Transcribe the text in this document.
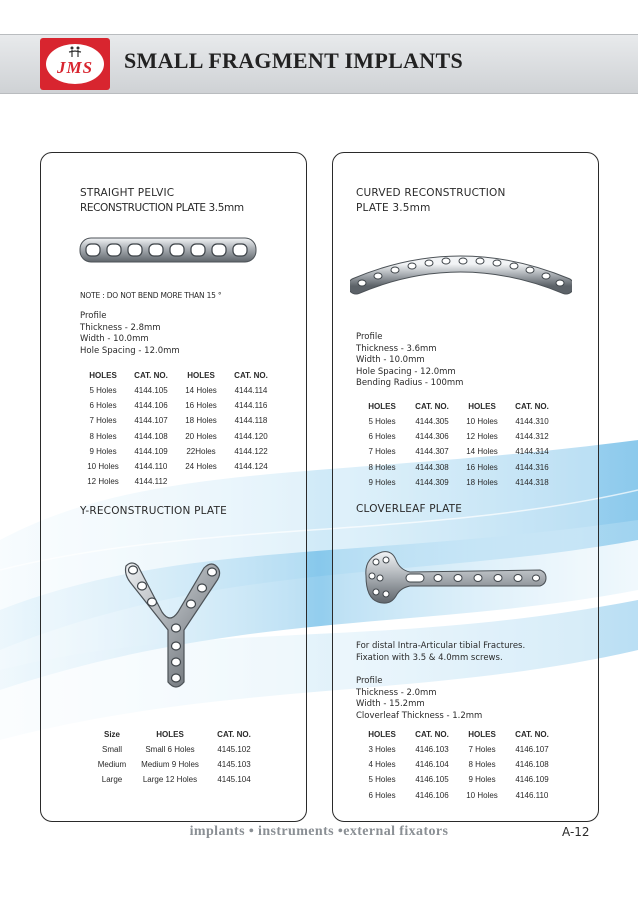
JMS	SMALL FRAGMENT IMPLANTS
STRAIGHT PELVIC
RECONSTRUCTION PLATE 3.5mm
NOTE : DO NOT BEND MORE THAN 15 °
Profile
Thickness - 2.8mm
Width - 10.0mm
Hole Spacing - 12.0mm
HOLES	CAT. NO.	HOLES	CAT. NO.
5 Holes	4144.105	14 Holes	4144.114
6 Holes	4144.106	16 Holes	4144.116
7 Holes	4144.107	18 Holes	4144.118
8 Holes	4144.108	20 Holes	4144.120
9 Holes	4144.109	22Holes	4144.122
10 Holes	4144.110	24 Holes	4144.124
12 Holes	4144.112		
Y-RECONSTRUCTION PLATE
Size	HOLES	CAT. NO.
Small	Small 6 Holes	4145.102
Medium	Medium 9 Holes	4145.103
Large	Large 12 Holes	4145.104
CURVED RECONSTRUCTION
PLATE 3.5mm
Profile
Thickness - 3.6mm
Width - 10.0mm
Hole Spacing - 12.0mm
Bending Radius - 100mm
HOLES	CAT. NO.	HOLES	CAT. NO.
5 Holes	4144.305	10 Holes	4144.310
6 Holes	4144.306	12 Holes	4144.312
7 Holes	4144.307	14 Holes	4144.314
8 Holes	4144.308	16 Holes	4144.316
9 Holes	4144.309	18 Holes	4144.318
CLOVERLEAF PLATE
For distal Intra-Articular tibial Fractures.
Fixation with 3.5 & 4.0mm screws.
Profile
Thickness - 2.0mm
Width - 15.2mm
Cloverleaf Thickness - 1.2mm
HOLES	CAT. NO.	HOLES	CAT. NO.
3 Holes	4146.103	7 Holes	4146.107
4 Holes	4146.104	8 Holes	4146.108
5 Holes	4146.105	9 Holes	4146.109
6 Holes	4146.106	10 Holes	4146.110
implants • instruments •external fixators	A-12
